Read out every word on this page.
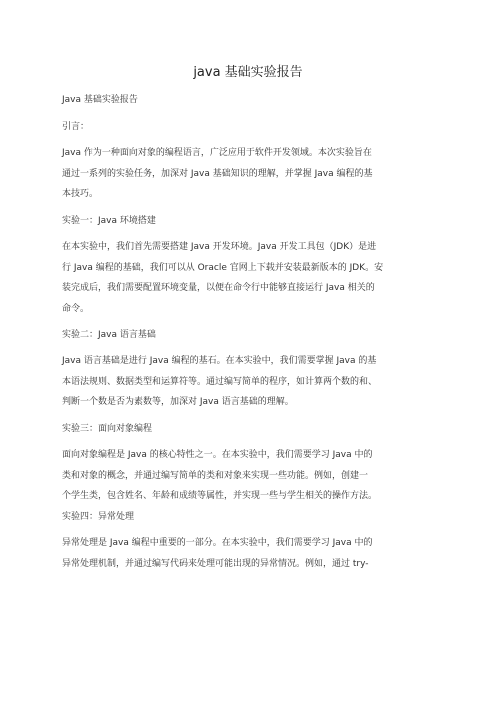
java 基础实验报告
Java 基础实验报告
引言：
Java 作为一种面向对象的编程语言，广泛应用于软件开发领域。本次实验旨在
通过一系列的实验任务，加深对 Java 基础知识的理解，并掌握 Java 编程的基
本技巧。
实验一：Java 环境搭建
在本实验中，我们首先需要搭建 Java 开发环境。Java 开发工具包（JDK）是进
行 Java 编程的基础，我们可以从 Oracle 官网上下载并安装最新版本的 JDK。安
装完成后，我们需要配置环境变量，以便在命令行中能够直接运行 Java 相关的
命令。
实验二：Java 语言基础
Java 语言基础是进行 Java 编程的基石。在本实验中，我们需要掌握 Java 的基
本语法规则、数据类型和运算符等。通过编写简单的程序，如计算两个数的和、
判断一个数是否为素数等，加深对 Java 语言基础的理解。
实验三：面向对象编程
面向对象编程是 Java 的核心特性之一。在本实验中，我们需要学习 Java 中的
类和对象的概念，并通过编写简单的类和对象来实现一些功能。例如，创建一
个学生类，包含姓名、年龄和成绩等属性，并实现一些与学生相关的操作方法。
实验四：异常处理
异常处理是 Java 编程中重要的一部分。在本实验中，我们需要学习 Java 中的
异常处理机制，并通过编写代码来处理可能出现的异常情况。例如，通过 try-
